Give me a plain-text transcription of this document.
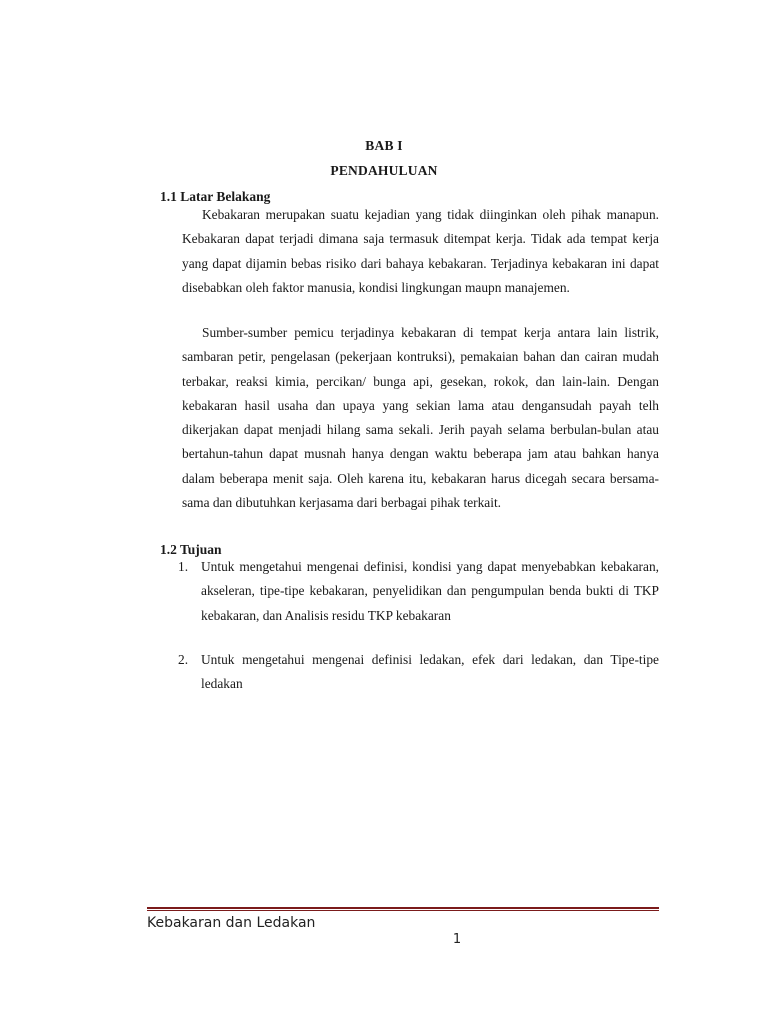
BAB I
PENDAHULUAN
1.1 Latar Belakang

Kebakaran merupakan suatu kejadian yang tidak diinginkan oleh pihak manapun. Kebakaran dapat terjadi dimana saja termasuk ditempat kerja. Tidak ada tempat kerja yang dapat dijamin bebas risiko dari bahaya kebakaran. Terjadinya kebakaran ini dapat disebabkan oleh faktor manusia, kondisi lingkungan maupn manajemen.

Sumber-sumber pemicu terjadinya kebakaran di tempat kerja antara lain listrik, sambaran petir, pengelasan (pekerjaan kontruksi), pemakaian bahan dan cairan mudah terbakar, reaksi kimia, percikan/ bunga api, gesekan, rokok, dan lain-lain. Dengan kebakaran hasil usaha dan upaya yang sekian lama atau dengansudah payah telh dikerjakan dapat menjadi hilang sama sekali. Jerih payah selama berbulan-bulan atau bertahun-tahun dapat musnah hanya dengan waktu beberapa jam atau bahkan hanya dalam beberapa menit saja. Oleh karena itu, kebakaran harus dicegah secara bersama-sama dan dibutuhkan kerjasama dari berbagai pihak terkait.

1.2 Tujuan
1. Untuk mengetahui mengenai definisi, kondisi yang dapat menyebabkan kebakaran, akseleran, tipe-tipe kebakaran, penyelidikan dan pengumpulan benda bukti di TKP kebakaran, dan Analisis residu TKP kebakaran

2. Untuk mengetahui mengenai definisi ledakan, efek dari ledakan, dan Tipe-tipe ledakan

Kebakaran dan Ledakan
1
